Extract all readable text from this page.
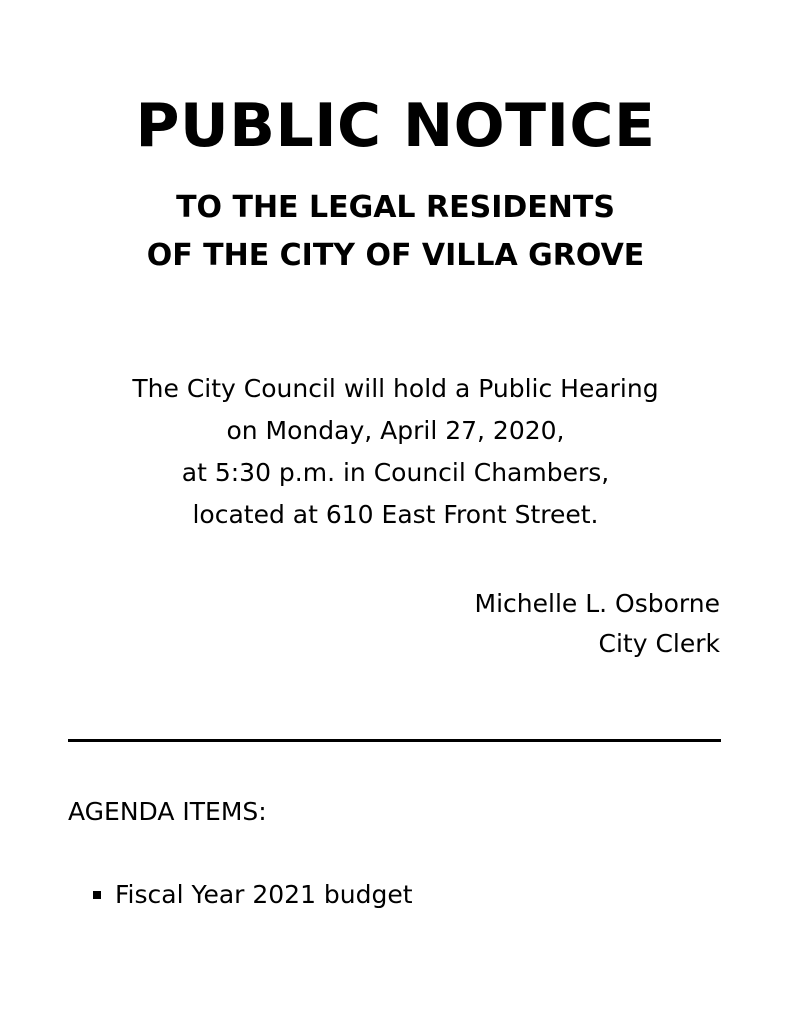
PUBLIC NOTICE
TO THE LEGAL RESIDENTS
OF THE CITY OF VILLA GROVE
The City Council will hold a Public Hearing
on Monday, April 27, 2020,
at 5:30 p.m. in Council Chambers,
located at 610 East Front Street.
Michelle L. Osborne
City Clerk
AGENDA ITEMS:
Fiscal Year 2021 budget
